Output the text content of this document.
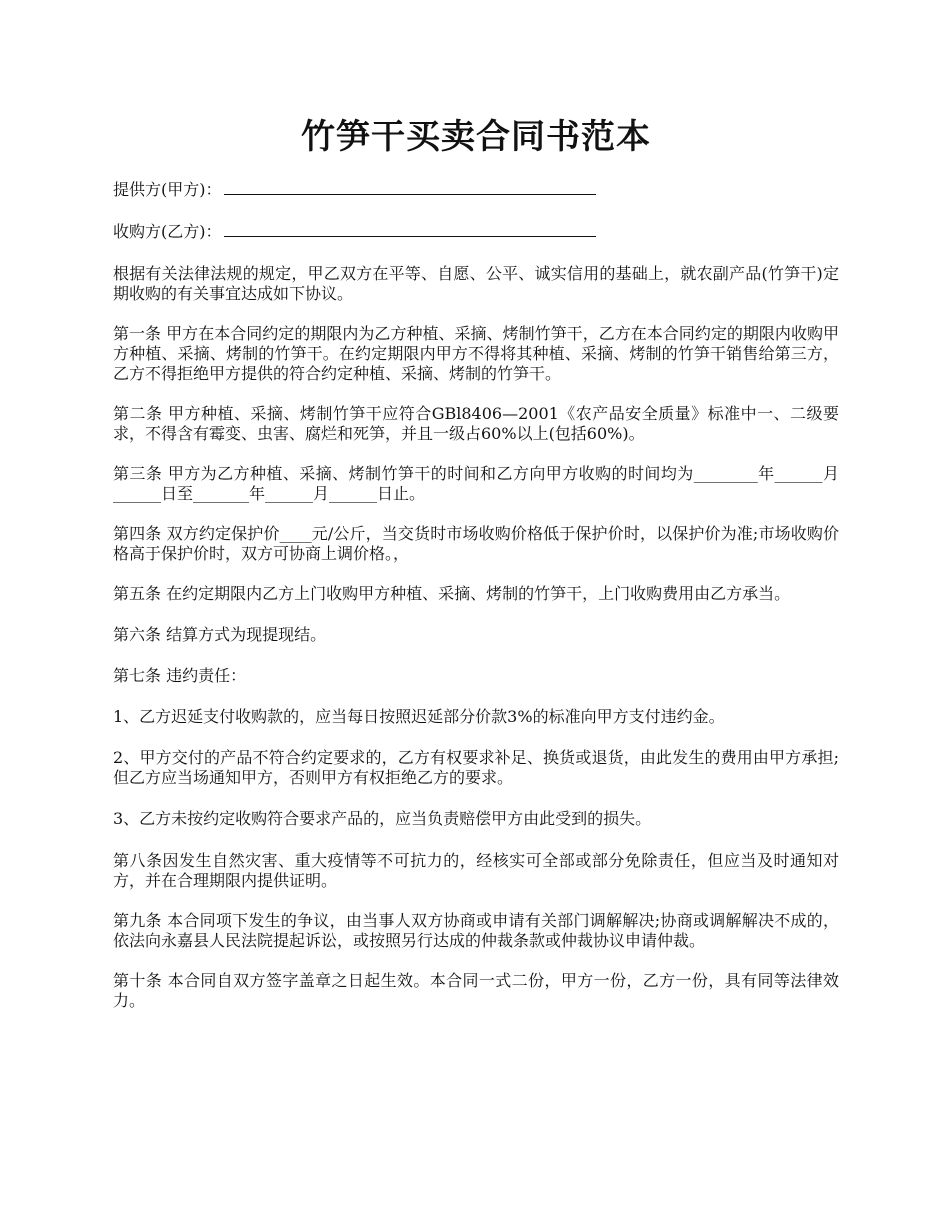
竹笋干买卖合同书范本

提供方(甲方)：

收购方(乙方)：

根据有关法律法规的规定，甲乙双方在平等、自愿、公平、诚实信用的基础上，就农副产品(竹笋干)定期收购的有关事宜达成如下协议。

第一条 甲方在本合同约定的期限内为乙方种植、采摘、烤制竹笋干，乙方在本合同约定的期限内收购甲方种植、采摘、烤制的竹笋干。在约定期限内甲方不得将其种植、采摘、烤制的竹笋干销售给第三方，乙方不得拒绝甲方提供的符合约定种植、采摘、烤制的竹笋干。

第二条 甲方种植、采摘、烤制竹笋干应符合GBl8406—2001《农产品安全质量》标准中一、二级要求，不得含有霉变、虫害、腐烂和死笋，并且一级占60%以上(包括60%)。

第三条 甲方为乙方种植、采摘、烤制竹笋干的时间和乙方向甲方收购的时间均为________年______月______日至_______年______月______日止。

第四条 双方约定保护价____元/公斤，当交货时市场收购价格低于保护价时，以保护价为准;市场收购价格高于保护价时，双方可协商上调价格。，

第五条 在约定期限内乙方上门收购甲方种植、采摘、烤制的竹笋干，上门收购费用由乙方承当。

第六条 结算方式为现提现结。

第七条 违约责任：

1、乙方迟延支付收购款的，应当每日按照迟延部分价款3%的标准向甲方支付违约金。

2、甲方交付的产品不符合约定要求的，乙方有权要求补足、换货或退货，由此发生的费用由甲方承担;但乙方应当场通知甲方，否则甲方有权拒绝乙方的要求。

3、乙方未按约定收购符合要求产品的，应当负责赔偿甲方由此受到的损失。

第八条因发生自然灾害、重大疫情等不可抗力的，经核实可全部或部分免除责任，但应当及时通知对方，并在合理期限内提供证明。

第九条 本合同项下发生的争议，由当事人双方协商或申请有关部门调解解决;协商或调解解决不成的，依法向永嘉县人民法院提起诉讼，或按照另行达成的仲裁条款或仲裁协议申请仲裁。

第十条 本合同自双方签字盖章之日起生效。本合同一式二份，甲方一份，乙方一份，具有同等法律效力。
